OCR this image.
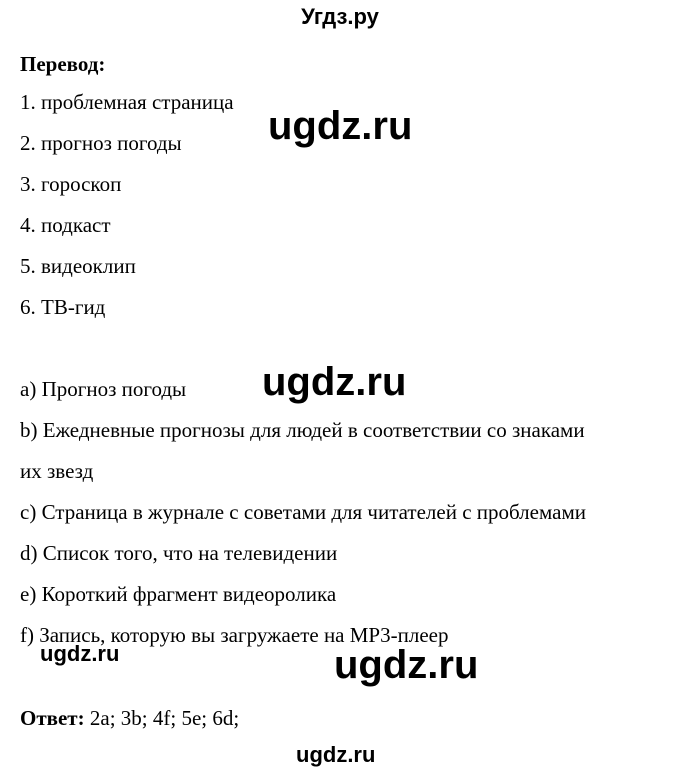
Угдз.ру
Перевод:
1. проблемная страница
2. прогноз погоды
3. гороскоп
4. подкаст
5. видеоклип
6. ТВ-гид
a) Прогноз погоды
b) Ежедневные прогнозы для людей в соответствии со знаками
их звезд
c) Страница в журнале с советами для читателей с проблемами
d) Список того, что на телевидении
e) Короткий фрагмент видеоролика
f) Запись, которую вы загружаете на MP3-плеер
Ответ: 2a; 3b; 4f; 5e; 6d;
ugdz.ru
ugdz.ru
ugdz.ru
ugdz.ru
ugdz.ru
